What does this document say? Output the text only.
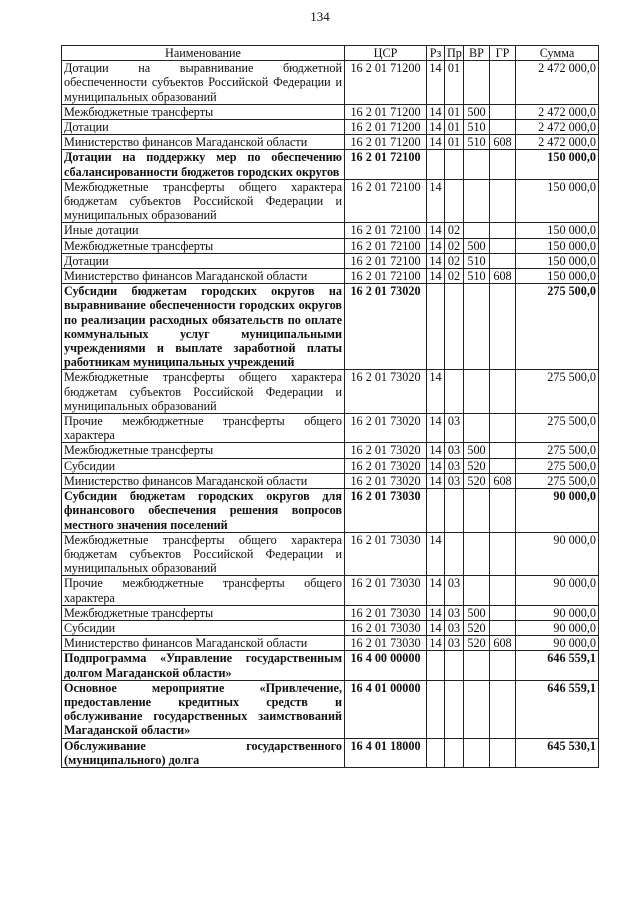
134
Наименование	ЦСР	Рз	Пр	ВР	ГР	Сумма
Дотации на выравнивание бюджетной обеспеченности субъектов Российской Федерации и муниципальных образований	16 2 01 71200	14	01			2 472 000,0
Межбюджетные трансферты	16 2 01 71200	14	01	500		2 472 000,0
Дотации	16 2 01 71200	14	01	510		2 472 000,0
Министерство финансов Магаданской области	16 2 01 71200	14	01	510	608	2 472 000,0
Дотации на поддержку мер по обеспечению сбалансированности бюджетов городских округов	16 2 01 72100					150 000,0
Межбюджетные трансферты общего характера бюджетам субъектов Российской Федерации и муниципальных образований	16 2 01 72100	14				150 000,0
Иные дотации	16 2 01 72100	14	02			150 000,0
Межбюджетные трансферты	16 2 01 72100	14	02	500		150 000,0
Дотации	16 2 01 72100	14	02	510		150 000,0
Министерство финансов Магаданской области	16 2 01 72100	14	02	510	608	150 000,0
Субсидии бюджетам городских округов на выравнивание обеспеченности городских округов по реализации расходных обязательств по оплате коммунальных услуг муниципальными учреждениями и выплате заработной платы работникам муниципальных учреждений	16 2 01 73020					275 500,0
Межбюджетные трансферты общего характера бюджетам субъектов Российской Федерации и муниципальных образований	16 2 01 73020	14				275 500,0
Прочие межбюджетные трансферты общего характера	16 2 01 73020	14	03			275 500,0
Межбюджетные трансферты	16 2 01 73020	14	03	500		275 500,0
Субсидии	16 2 01 73020	14	03	520		275 500,0
Министерство финансов Магаданской области	16 2 01 73020	14	03	520	608	275 500,0
Субсидии бюджетам городских округов для финансового обеспечения решения вопросов местного значения поселений	16 2 01 73030					90 000,0
Межбюджетные трансферты общего характера бюджетам субъектов Российской Федерации и муниципальных образований	16 2 01 73030	14				90 000,0
Прочие межбюджетные трансферты общего характера	16 2 01 73030	14	03			90 000,0
Межбюджетные трансферты	16 2 01 73030	14	03	500		90 000,0
Субсидии	16 2 01 73030	14	03	520		90 000,0
Министерство финансов Магаданской области	16 2 01 73030	14	03	520	608	90 000,0
Подпрограмма «Управление государственным долгом Магаданской области»	16 4 00 00000					646 559,1
Основное мероприятие «Привлечение, предоставление кредитных средств и обслуживание государственных заимствований Магаданской области»	16 4 01 00000					646 559,1
Обслуживание государственного (муниципального) долга	16 4 01 18000					645 530,1
